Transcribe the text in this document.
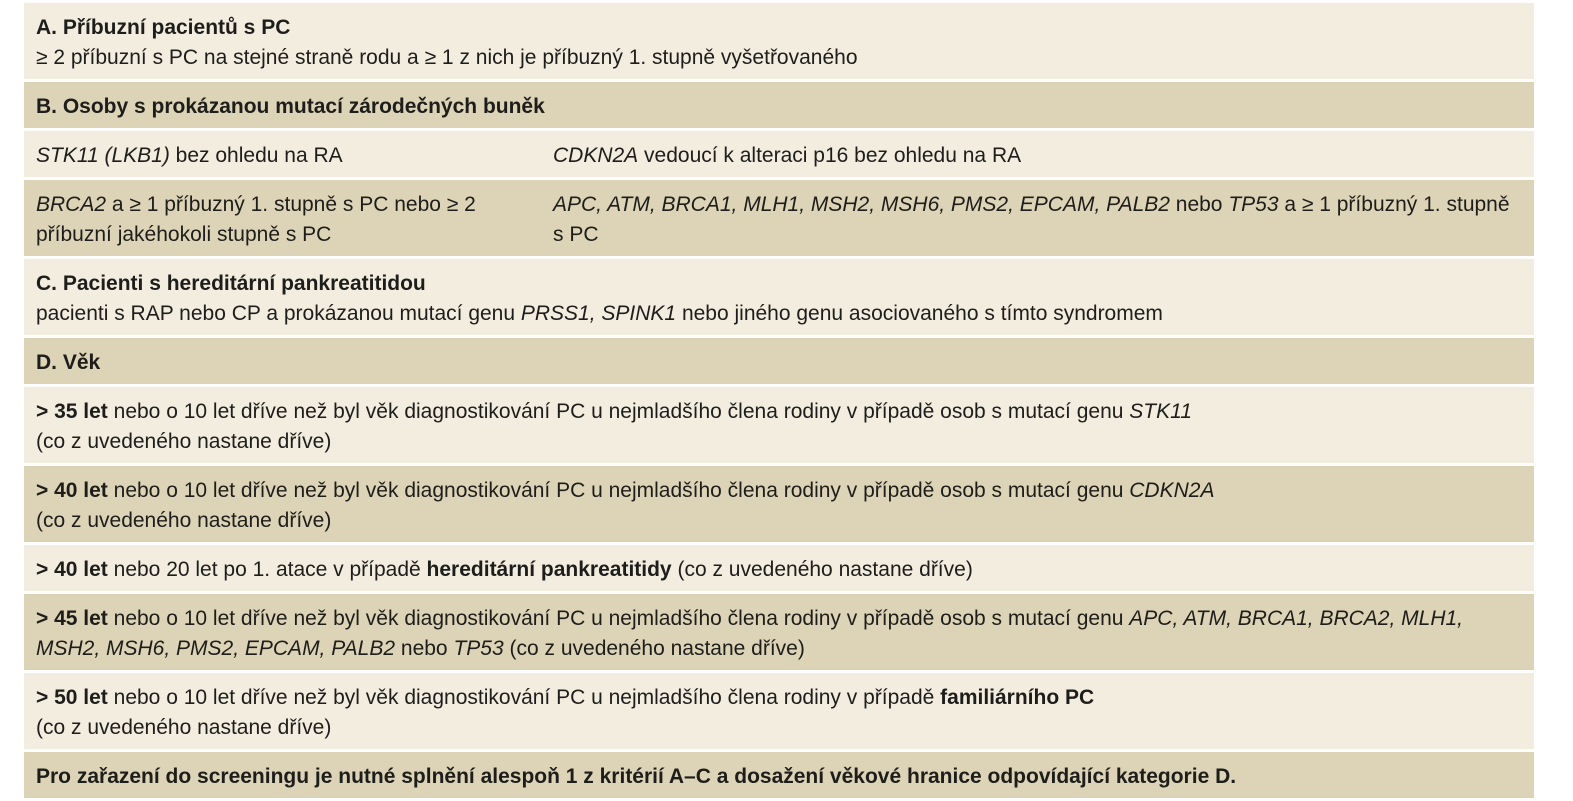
A. Příbuzní pacientů s PC
≥ 2 příbuzní s PC na stejné straně rodu a ≥ 1 z nich je příbuzný 1. stupně vyšetřovaného
B. Osoby s prokázanou mutací zárodečných buněk
STK11 (LKB1) bez ohledu na RA	CDKN2A vedoucí k alteraci p16 bez ohledu na RA
BRCA2 a ≥ 1 příbuzný 1. stupně s PC nebo ≥ 2 příbuzní jakéhokoli stupně s PC
APC, ATM, BRCA1, MLH1, MSH2, MSH6, PMS2, EPCAM, PALB2 nebo TP53 a ≥ 1 příbuzný 1. stupně s PC
C. Pacienti s hereditární pankreatitidou
pacienti s RAP nebo CP a prokázanou mutací genu PRSS1, SPINK1 nebo jiného genu asociovaného s tímto syndromem
D. Věk
> 35 let nebo o 10 let dříve než byl věk diagnostikování PC u nejmladšího člena rodiny v případě osob s mutací genu STK11
(co z uvedeného nastane dříve)
> 40 let nebo o 10 let dříve než byl věk diagnostikování PC u nejmladšího člena rodiny v případě osob s mutací genu CDKN2A
(co z uvedeného nastane dříve)
> 40 let nebo 20 let po 1. atace v případě hereditární pankreatitidy (co z uvedeného nastane dříve)
> 45 let nebo o 10 let dříve než byl věk diagnostikování PC u nejmladšího člena rodiny v případě osob s mutací genu APC, ATM, BRCA1, BRCA2, MLH1, MSH2, MSH6, PMS2, EPCAM, PALB2 nebo TP53 (co z uvedeného nastane dříve)
> 50 let nebo o 10 let dříve než byl věk diagnostikování PC u nejmladšího člena rodiny v případě familiárního PC
(co z uvedeného nastane dříve)
Pro zařazení do screeningu je nutné splnění alespoň 1 z kritérií A–C a dosažení věkové hranice odpovídající kategorie D.
